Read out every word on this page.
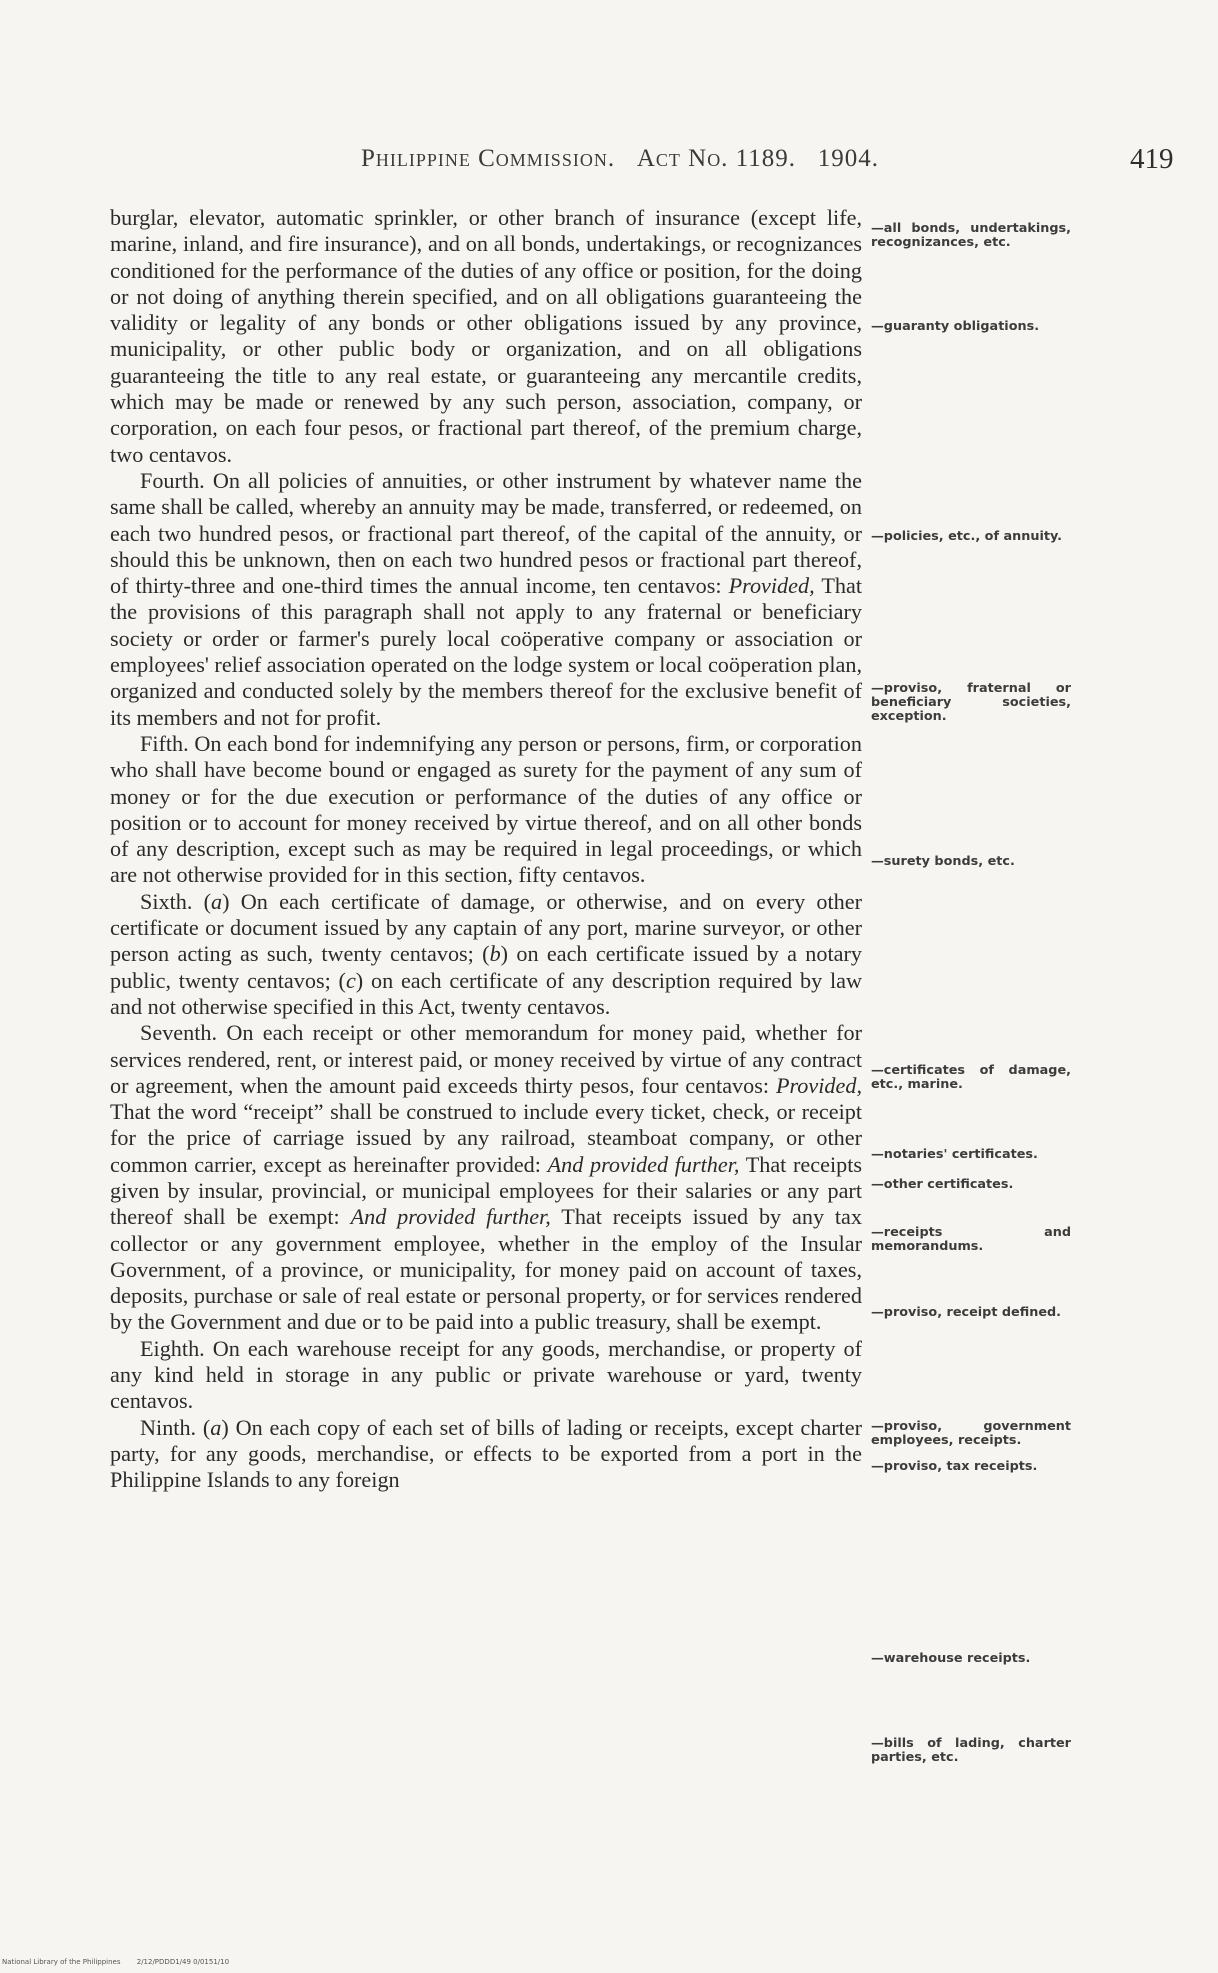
Philippine Commission. Act No. 1189. 1904.	419

burglar, elevator, automatic sprinkler, or other branch of insurance (except life, marine, inland, and fire insurance), and on all bonds, undertakings, or recognizances conditioned for the performance of the duties of any office or position, for the doing or not doing of anything therein specified, and on all obligations guaranteeing the validity or legality of any bonds or other obligations issued by any province, municipality, or other public body or organization, and on all obligations guaranteeing the title to any real estate, or guaranteeing any mercantile credits, which may be made or renewed by any such person, association, company, or corporation, on each four pesos, or fractional part thereof, of the premium charge, two centavos.

Fourth. On all policies of annuities, or other instrument by whatever name the same shall be called, whereby an annuity may be made, transferred, or redeemed, on each two hundred pesos, or fractional part thereof, of the capital of the annuity, or should this be unknown, then on each two hundred pesos or fractional part thereof, of thirty-three and one-third times the annual income, ten centavos: Provided, That the provisions of this paragraph shall not apply to any fraternal or beneficiary society or order or farmer's purely local coöperative company or association or employees' relief association operated on the lodge system or local coöperation plan, organized and conducted solely by the members thereof for the exclusive benefit of its members and not for profit.

Fifth. On each bond for indemnifying any person or persons, firm, or corporation who shall have become bound or engaged as surety for the payment of any sum of money or for the due execution or performance of the duties of any office or position or to account for money received by virtue thereof, and on all other bonds of any description, except such as may be required in legal proceedings, or which are not otherwise provided for in this section, fifty centavos.

Sixth. (a) On each certificate of damage, or otherwise, and on every other certificate or document issued by any captain of any port, marine surveyor, or other person acting as such, twenty centavos; (b) on each certificate issued by a notary public, twenty centavos; (c) on each certificate of any description required by law and not otherwise specified in this Act, twenty centavos.

Seventh. On each receipt or other memorandum for money paid, whether for services rendered, rent, or interest paid, or money received by virtue of any contract or agreement, when the amount paid exceeds thirty pesos, four centavos: Provided, That the word “receipt” shall be construed to include every ticket, check, or receipt for the price of carriage issued by any railroad, steamboat company, or other common carrier, except as hereinafter provided: And provided further, That receipts given by insular, provincial, or municipal employees for their salaries or any part thereof shall be exempt: And provided further, That receipts issued by any tax collector or any government employee, whether in the employ of the Insular Government, of a province, or municipality, for money paid on account of taxes, deposits, purchase or sale of real estate or personal property, or for services rendered by the Government and due or to be paid into a public treasury, shall be exempt.

Eighth. On each warehouse receipt for any goods, merchandise, or property of any kind held in storage in any public or private warehouse or yard, twenty centavos.

Ninth. (a) On each copy of each set of bills of lading or receipts, except charter party, for any goods, merchandise, or effects to be exported from a port in the Philippine Islands to any foreign

—all bonds, undertakings, recognizances, etc.
—guaranty obligations.
—policies, etc., of annuity.
—proviso, fraternal or beneficiary societies, exception.
—surety bonds, etc.
—certificates of damage, etc., marine.
—notaries' certificates.
—other certificates.
—receipts and memorandums.
—proviso, receipt defined.
—proviso, government employees, receipts.
—proviso, tax receipts.
—warehouse receipts.
—bills of lading, charter parties, etc.
National Library of the Philippines 2/12/PDDD1/49 0/0151/10
